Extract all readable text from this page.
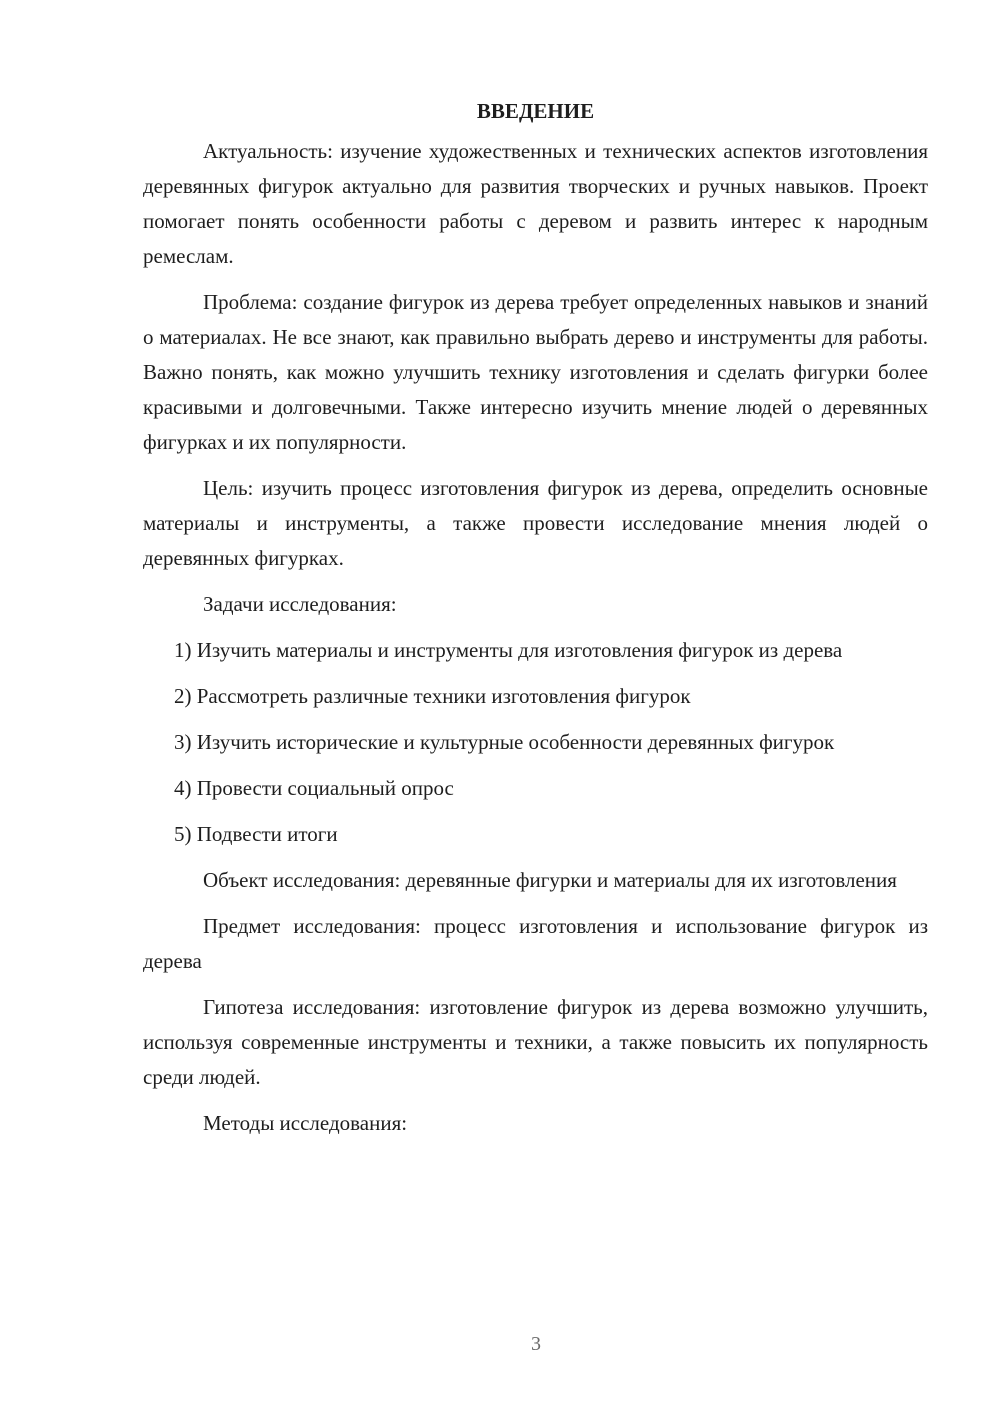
ВВЕДЕНИЕ

Актуальность: изучение художественных и технических аспектов изготовления деревянных фигурок актуально для развития творческих и ручных навыков. Проект помогает понять особенности работы с деревом и развить интерес к народным ремеслам.

Проблема: создание фигурок из дерева требует определенных навыков и знаний о материалах. Не все знают, как правильно выбрать дерево и инструменты для работы. Важно понять, как можно улучшить технику изготовления и сделать фигурки более красивыми и долговечными. Также интересно изучить мнение людей о деревянных фигурках и их популярности.

Цель: изучить процесс изготовления фигурок из дерева, определить основные материалы и инструменты, а также провести исследование мнения людей о деревянных фигурках.

Задачи исследования:

1) Изучить материалы и инструменты для изготовления фигурок из дерева

2) Рассмотреть различные техники изготовления фигурок

3) Изучить исторические и культурные особенности деревянных фигурок

4) Провести социальный опрос

5) Подвести итоги

Объект исследования: деревянные фигурки и материалы для их изготовления

Предмет исследования: процесс изготовления и использование фигурок из дерева

Гипотеза исследования: изготовление фигурок из дерева возможно улучшить, используя современные инструменты и техники, а также повысить их популярность среди людей.

Методы исследования:

3
